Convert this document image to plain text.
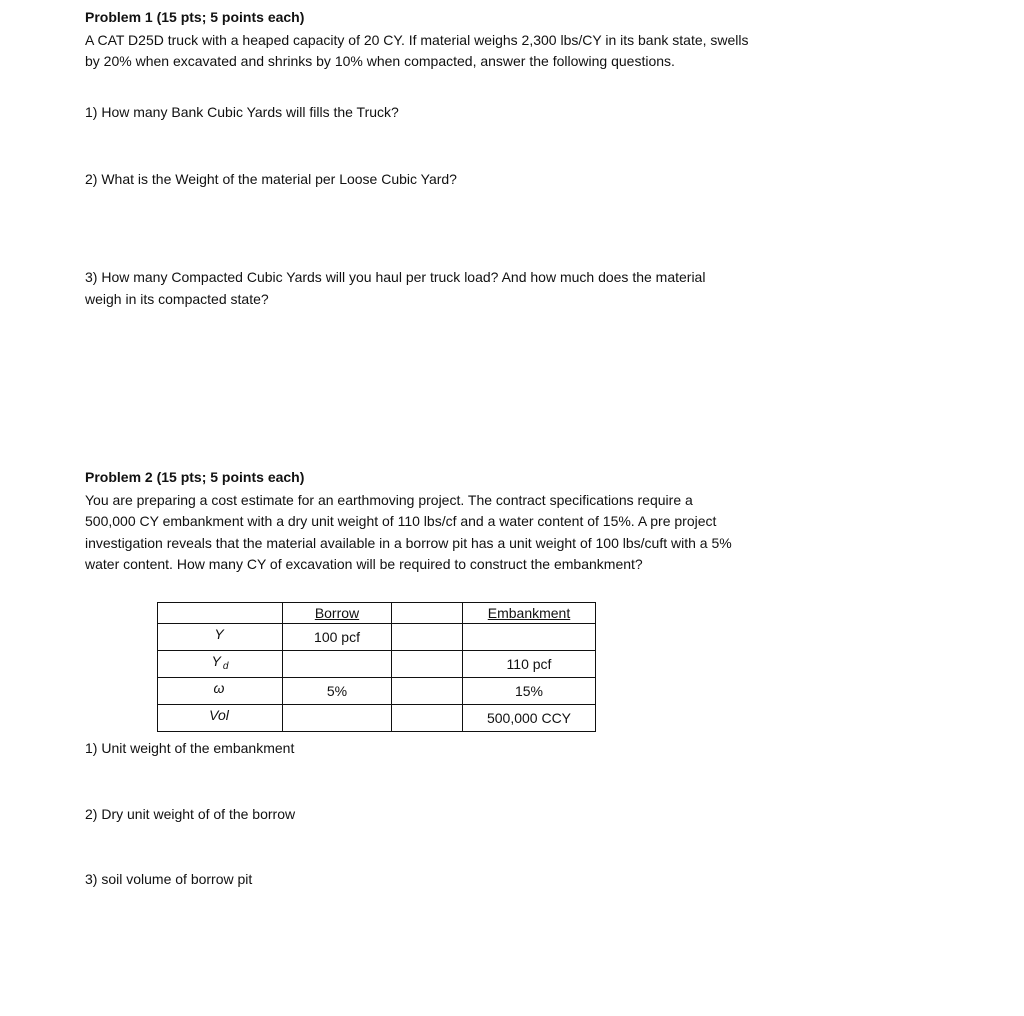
Problem 1 (15 pts; 5 points each)
A CAT D25D truck with a heaped capacity of 20 CY. If material weighs 2,300 lbs/CY in its bank state, swells
by 20% when excavated and shrinks by 10% when compacted, answer the following questions.
1) How many Bank Cubic Yards will fills the Truck?
2) What is the Weight of the material per Loose Cubic Yard?
3) How many Compacted Cubic Yards will you haul per truck load? And how much does the material
weigh in its compacted state?
Problem 2 (15 pts; 5 points each)
You are preparing a cost estimate for an earthmoving project. The contract specifications require a
500,000 CY embankment with a dry unit weight of 110 lbs/cf and a water content of 15%. A pre project
investigation reveals that the material available in a borrow pit has a unit weight of 100 lbs/cuft with a 5%
water content. How many CY of excavation will be required to construct the embankment?
	Borrow		Embankment
Y	100 pcf		
Y $_d$			110 pcf
ω	5%		15%
Vol			500,000 CCY
1) Unit weight of the embankment
2) Dry unit weight of of the borrow
3) soil volume of borrow pit
